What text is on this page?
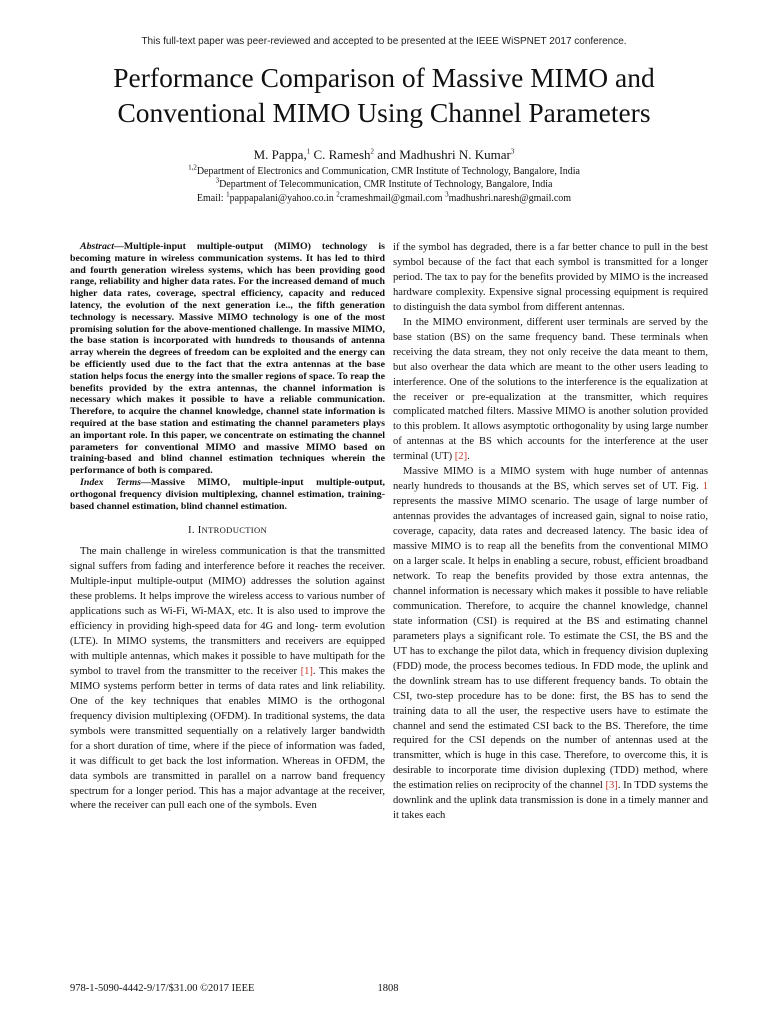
This full-text paper was peer-reviewed and accepted to be presented at the IEEE WiSPNET 2017 conference.
Performance Comparison of Massive MIMO and Conventional MIMO Using Channel Parameters
M. Pappa,$^1$ C. Ramesh$^2$ and Madhushri N. Kumar$^3$
$^{1,2}$Department of Electronics and Communication, CMR Institute of Technology, Bangalore, India
$^3$Department of Telecommunication, CMR Institute of Technology, Bangalore, India
Email: $^1$pappapalani@yahoo.co.in $^2$crameshmail@gmail.com $^3$madhushri.naresh@gmail.com

Abstract—Multiple-input multiple-output (MIMO) technology is becoming mature in wireless communication systems. It has led to third and fourth generation wireless systems, which has been providing good range, reliability and higher data rates. For the increased demand of much higher data rates, coverage, spectral efficiency, capacity and reduced latency, the evolution of the next generation i.e.., the fifth generation technology is necessary. Massive MIMO technology is one of the most promising solution for the above-mentioned challenge. In massive MIMO, the base station is incorporated with hundreds to thousands of antenna array wherein the degrees of freedom can be exploited and the energy can be efficiently used due to the fact that the extra antennas at the base station helps focus the energy into the smaller regions of space. To reap the benefits provided by the extra antennas, the channel information is necessary which makes it possible to have a reliable communication. Therefore, to acquire the channel knowledge, channel state information is required at the base station and estimating the channel parameters plays an important role. In this paper, we concentrate on estimating the channel parameters for conventional MIMO and massive MIMO based on training-based and blind channel estimation techniques wherein the performance of both is compared.

Index Terms—Massive MIMO, multiple-input multiple-output, orthogonal frequency division multiplexing, channel estimation, training-based channel estimation, blind channel estimation.

I. INTRODUCTION

The main challenge in wireless communication is that the transmitted signal suffers from fading and interference before it reaches the receiver. Multiple-input multiple-output (MIMO) addresses the solution against these problems. It helps improve the wireless access to various number of applications such as Wi-Fi, Wi-MAX, etc. It is also used to improve the efficiency in providing high-speed data for 4G and long- term evolution (LTE). In MIMO systems, the transmitters and receivers are equipped with multiple antennas, which makes it possible to have multipath for the symbol to travel from the transmitter to the receiver [1]. This makes the MIMO systems perform better in terms of data rates and link reliability. One of the key techniques that enables MIMO is the orthogonal frequency division multiplexing (OFDM). In traditional systems, the data symbols were transmitted sequentially on a relatively larger bandwidth for a short duration of time, where if the piece of information was faded, it was difficult to get back the lost information. Whereas in OFDM, the data symbols are transmitted in parallel on a narrow band frequency spectrum for a longer period. This has a major advantage at the receiver, where the receiver can pull each one of the symbols. Even

if the symbol has degraded, there is a far better chance to pull in the best symbol because of the fact that each symbol is transmitted for a longer period. The tax to pay for the benefits provided by MIMO is the increased hardware complexity. Expensive signal processing equipment is required to distinguish the data symbol from different antennas.

In the MIMO environment, different user terminals are served by the base station (BS) on the same frequency band. These terminals when receiving the data stream, they not only receive the data meant to them, but also overhear the data which are meant to the other users leading to interference. One of the solutions to the interference is the equalization at the receiver or pre-equalization at the transmitter, which requires complicated matched filters. Massive MIMO is another solution provided to this problem. It allows asymptotic orthogonality by using large number of antennas at the BS which accounts for the interference at the user terminal (UT) [2].

Massive MIMO is a MIMO system with huge number of antennas nearly hundreds to thousands at the BS, which serves set of UT. Fig. 1 represents the massive MIMO scenario. The usage of large number of antennas provides the advantages of increased gain, signal to noise ratio, coverage, capacity, data rates and decreased latency. The basic idea of massive MIMO is to reap all the benefits from the conventional MIMO on a larger scale. It helps in enabling a secure, robust, efficient broadband network. To reap the benefits provided by those extra antennas, the channel information is necessary which makes it possible to have reliable communication. Therefore, to acquire the channel knowledge, channel state information (CSI) is required at the BS and estimating channel parameters plays a significant role. To estimate the CSI, the BS and the UT has to exchange the pilot data, which in frequency division duplexing (FDD) mode, the process becomes tedious. In FDD mode, the uplink and the downlink stream has to use different frequency bands. To obtain the CSI, two-step procedure has to be done: first, the BS has to send the training data to all the user, the respective users have to estimate the channel and send the estimated CSI back to the BS. Therefore, the time required for the CSI depends on the number of antennas used at the transmitter, which is huge in this case. Therefore, to overcome this, it is desirable to incorporate time division duplexing (TDD) method, where the estimation relies on reciprocity of the channel [3]. In TDD systems the downlink and the uplink data transmission is done in a timely manner and it takes each

978-1-5090-4442-9/17/$31.00 ©2017 IEEE	1808
